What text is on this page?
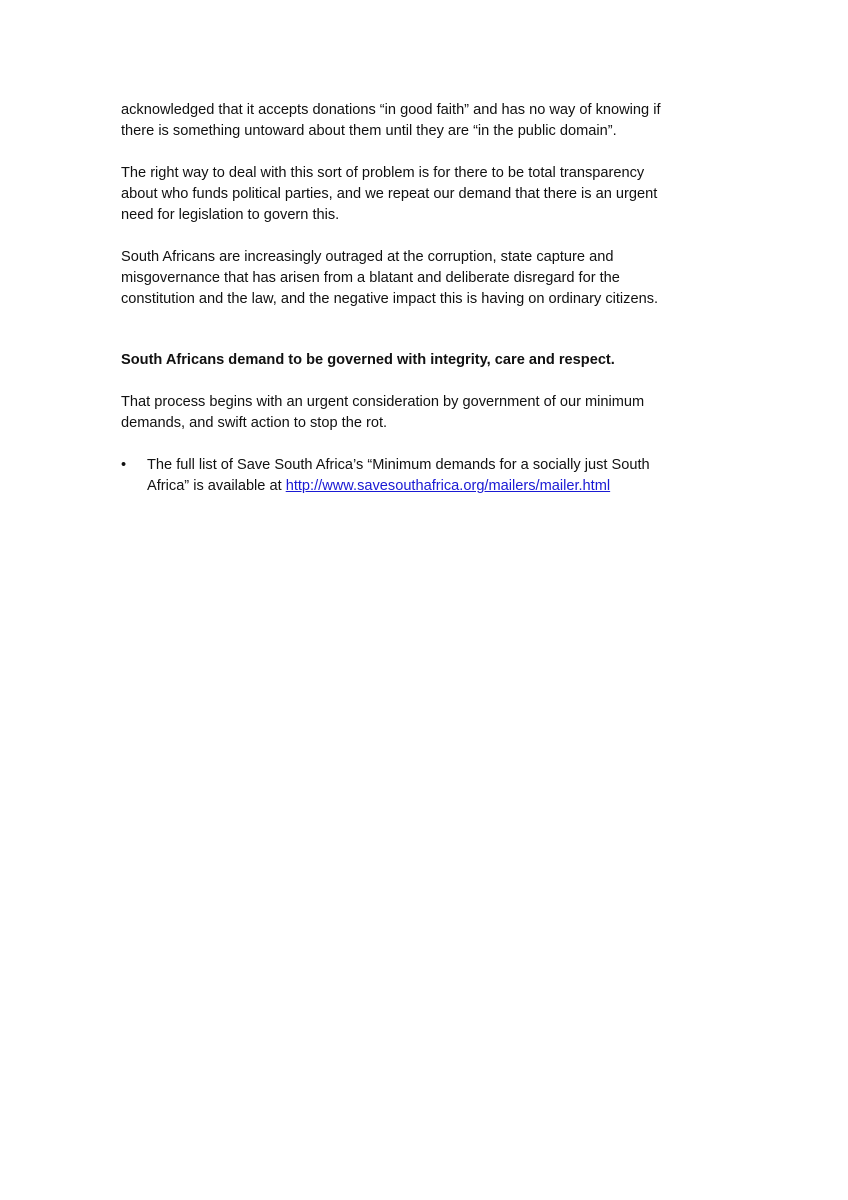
acknowledged that it accepts donations “in good faith” and has no way of knowing if
there is something untoward about them until they are “in the public domain”.

The right way to deal with this sort of problem is for there to be total transparency
about who funds political parties, and we repeat our demand that there is an urgent
need for legislation to govern this.

South Africans are increasingly outraged at the corruption, state capture and
misgovernance that has arisen from a blatant and deliberate disregard for the
constitution and the law, and the negative impact this is having on ordinary citizens.

South Africans demand to be governed with integrity, care and respect.

That process begins with an urgent consideration by government of our minimum
demands, and swift action to stop the rot.

• The full list of Save South Africa’s “Minimum demands for a socially just South
Africa” is available at http://www.savesouthafrica.org/mailers/mailer.html
